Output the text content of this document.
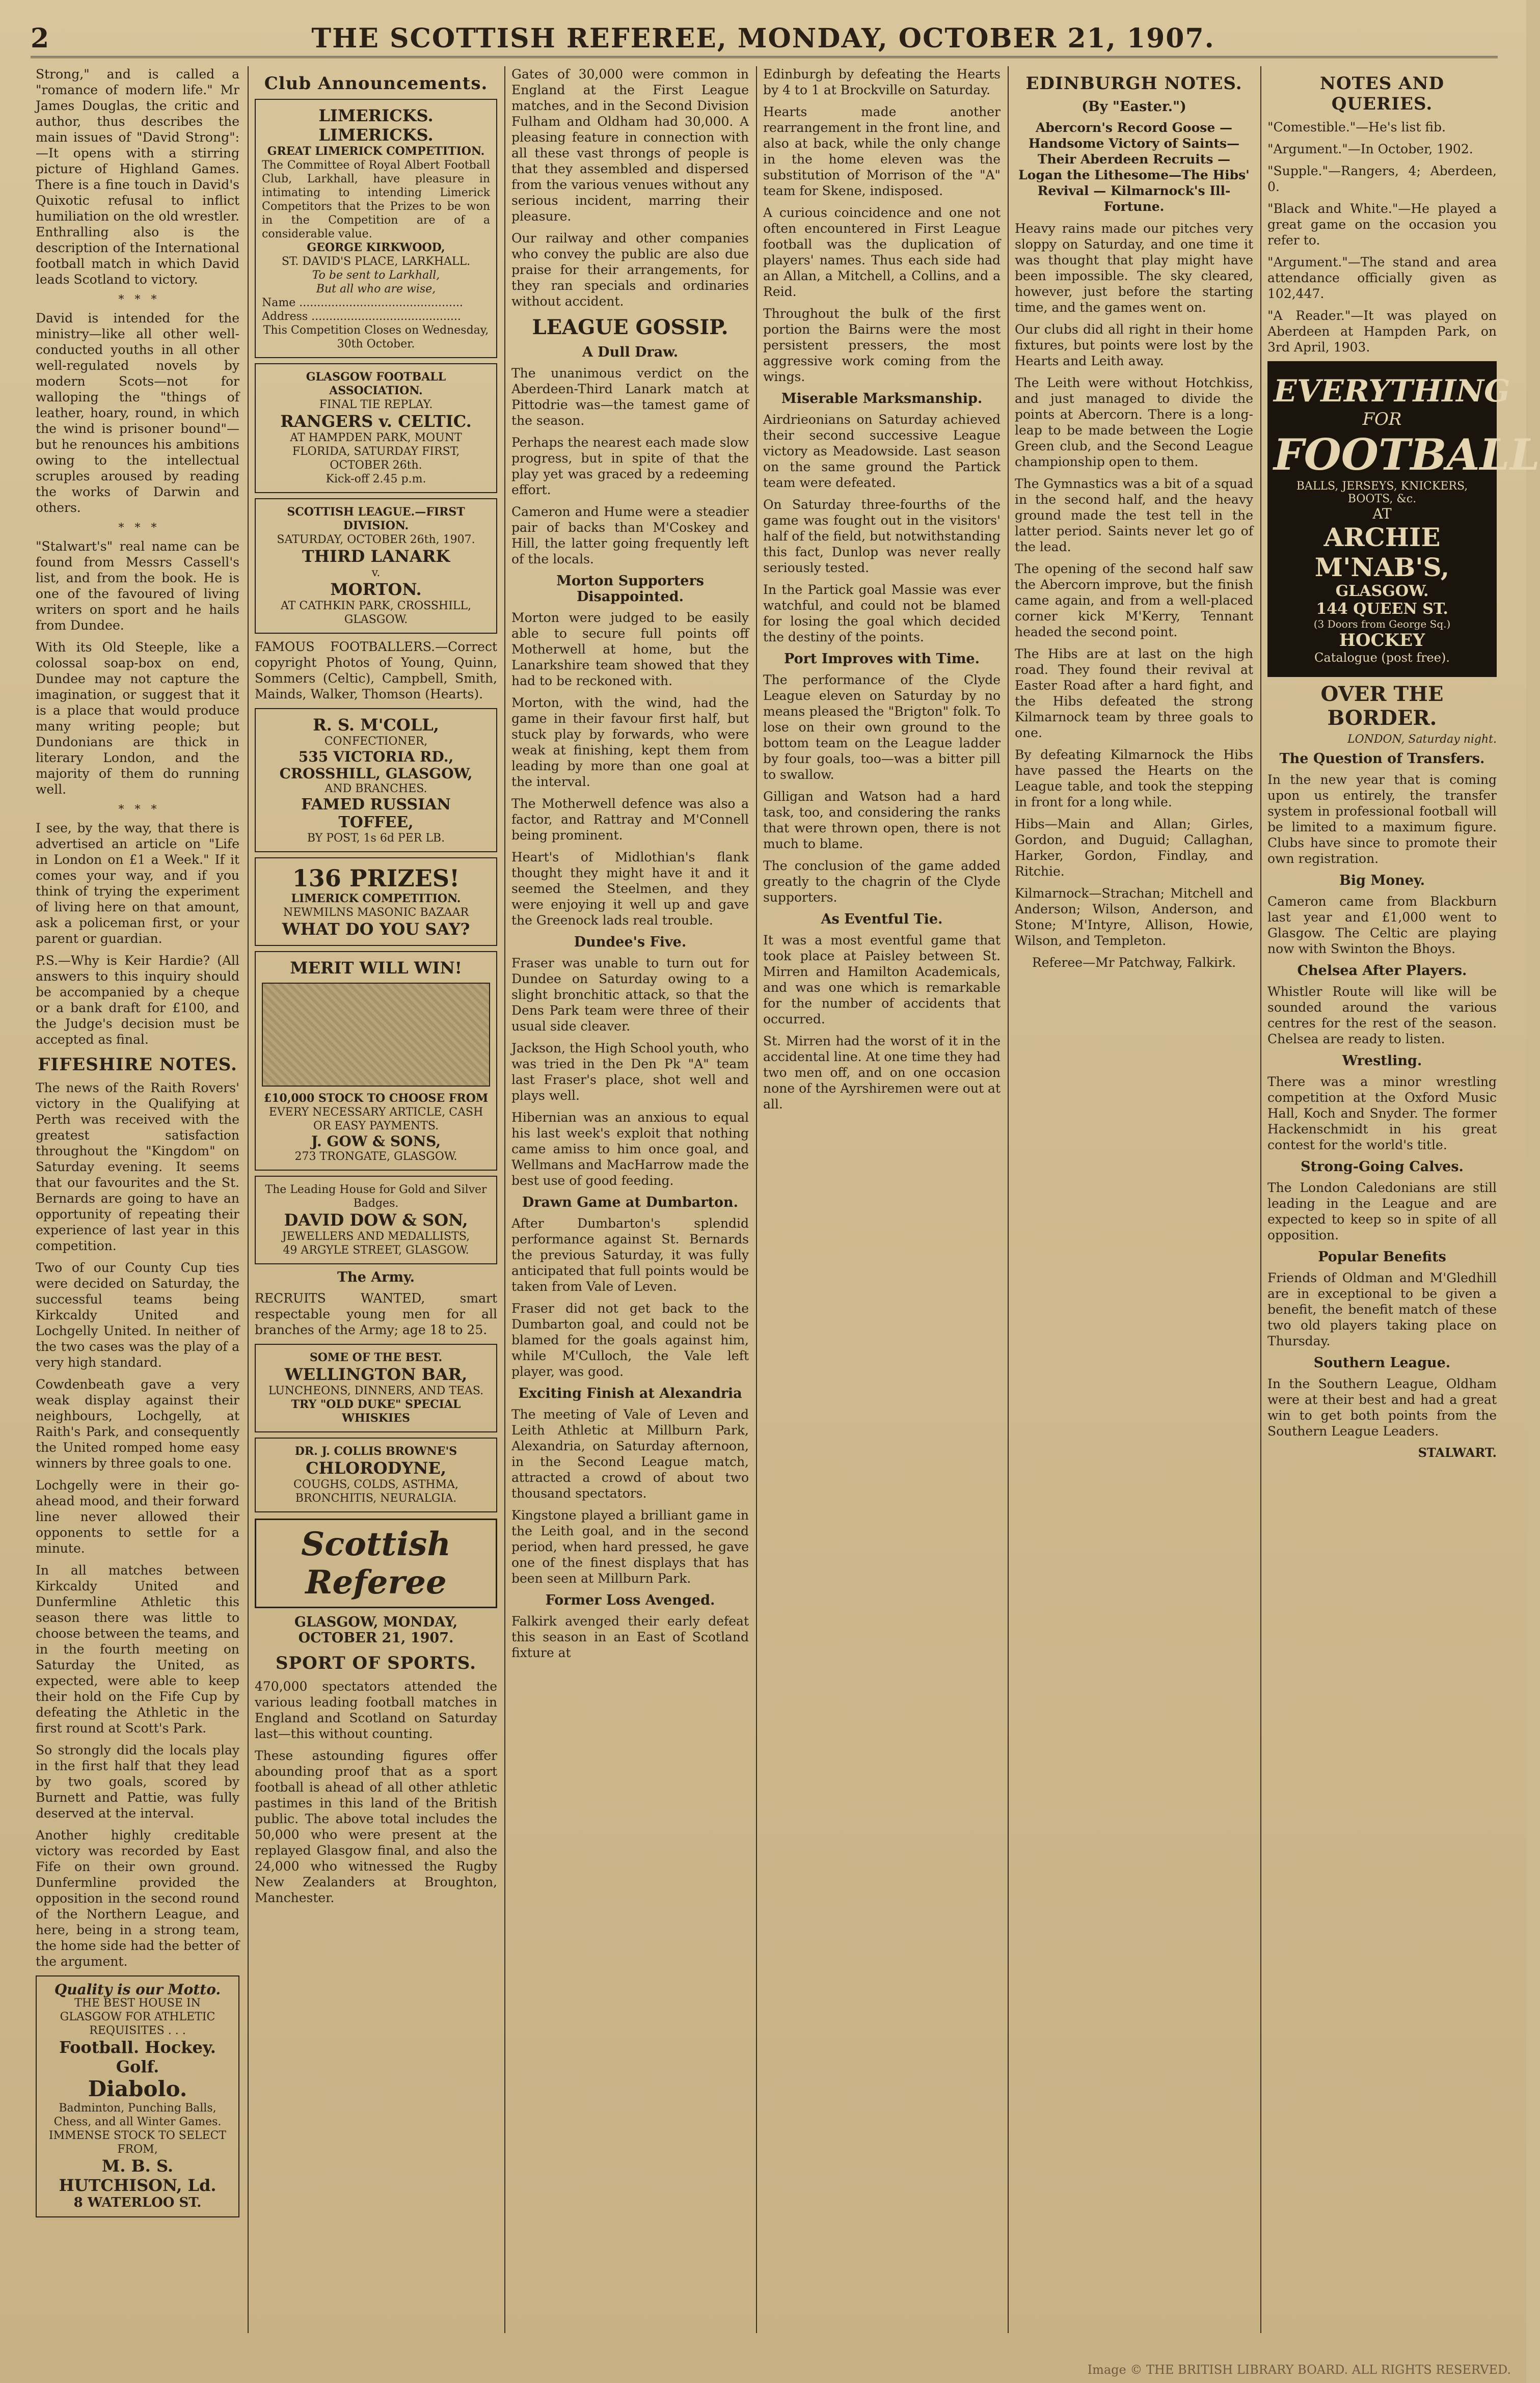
2	THE SCOTTISH REFEREE, MONDAY, OCTOBER 21, 1907.

Strong," and is called a "romance of modern life." Mr James Douglas, the critic and author, thus describes the main issues of "David Strong":—It opens with a stirring picture of Highland Games. There is a fine touch in David's Quixotic refusal to inflict humiliation on the old wrestler. Enthralling also is the description of the International football match in which David leads Scotland to victory.

*   *   *

David is intended for the ministry—like all other well-conducted youths in all other well-regulated novels by modern Scots—not for walloping the "things of leather, hoary, round, in which the wind is prisoner bound"—but he renounces his ambitions owing to the intellectual scruples aroused by reading the works of Darwin and others.

*   *   *

"Stalwart's" real name can be found from Messrs Cassell's list, and from the book. He is one of the favoured of living writers on sport and he hails from Dundee.

With its Old Steeple, like a colossal soap-box on end, Dundee may not capture the imagination, or suggest that it is a place that would produce many writing people; but Dundonians are thick in literary London, and the majority of them do running well.

*   *   *

I see, by the way, that there is advertised an article on "Life in London on £1 a Week." If it comes your way, and if you think of trying the experiment of living here on that amount, ask a policeman first, or your parent or guardian.

P.S.—Why is Keir Hardie? (All answers to this inquiry should be accompanied by a cheque or a bank draft for £100, and the Judge's decision must be accepted as final.

FIFESHIRE NOTES.

The news of the Raith Rovers' victory in the Qualifying at Perth was received with the greatest satisfaction throughout the "Kingdom" on Saturday evening. It seems that our favourites and the St. Bernards are going to have an opportunity of repeating their experience of last year in this competition.

Two of our County Cup ties were decided on Saturday, the successful teams being Kirkcaldy United and Lochgelly United. In neither of the two cases was the play of a very high standard.

Cowdenbeath gave a very weak display against their neighbours, Lochgelly, at Raith's Park, and consequently the United romped home easy winners by three goals to one.

Lochgelly were in their go-ahead mood, and their forward line never allowed their opponents to settle for a minute.

In all matches between Kirkcaldy United and Dunfermline Athletic this season there was little to choose between the teams, and in the fourth meeting on Saturday the United, as expected, were able to keep their hold on the Fife Cup by defeating the Athletic in the first round at Scott's Park.

So strongly did the locals play in the first half that they lead by two goals, scored by Burnett and Pattie, was fully deserved at the interval.

Another highly creditable victory was recorded by East Fife on their own ground. Dunfermline provided the opposition in the second round of the Northern League, and here, being in a strong team, the home side had the better of the argument.

Quality is our Motto.
THE BEST HOUSE IN GLASGOW FOR ATHLETIC REQUISITES . . .
Football. Hockey. Golf.
Diabolo.
Badminton, Punching Balls, Chess, and all Winter Games.
IMMENSE STOCK TO SELECT FROM,
M. B. S. HUTCHISON, Ld.
8 WATERLOO ST.
Club Announcements.
LIMERICKS. LIMERICKS.
GREAT LIMERICK COMPETITION.
The Committee of Royal Albert Football Club, Larkhall, have pleasure in intimating to intending Limerick Competitors that the Prizes to be won in the Competition are of a considerable value.
GEORGE KIRKWOOD,
ST. DAVID'S PLACE, LARKHALL.
To be sent to Larkhall,
But all who are wise,
Name ..............................................
Address ..........................................
This Competition Closes on Wednesday, 30th October.
GLASGOW FOOTBALL ASSOCIATION.
FINAL TIE REPLAY.
RANGERS v. CELTIC.
AT HAMPDEN PARK, MOUNT FLORIDA, SATURDAY FIRST, OCTOBER 26th.
Kick-off 2.45 p.m.
SCOTTISH LEAGUE.—FIRST DIVISION.
SATURDAY, OCTOBER 26th, 1907.
THIRD LANARK
v.
MORTON.
AT CATHKIN PARK, CROSSHILL, GLASGOW.

FAMOUS FOOTBALLERS.—Correct copyright Photos of Young, Quinn, Sommers (Celtic), Campbell, Smith, Mainds, Walker, Thomson (Hearts).

R. S. M'COLL,
CONFECTIONER,
535 VICTORIA RD., CROSSHILL, GLASGOW,
AND BRANCHES.
FAMED RUSSIAN TOFFEE,
BY POST, 1s 6d PER LB.
136 PRIZES!
LIMERICK COMPETITION.
NEWMILNS MASONIC BAZAAR
WHAT DO YOU SAY?
MERIT WILL WIN!
£10,000 STOCK TO CHOOSE FROM
EVERY NECESSARY ARTICLE, CASH OR EASY PAYMENTS.
J. GOW & SONS,
273 TRONGATE, GLASGOW.
The Leading House for Gold and Silver Badges.
DAVID DOW & SON,
JEWELLERS AND MEDALLISTS,
49 ARGYLE STREET, GLASGOW.
The Army.

RECRUITS WANTED, smart respectable young men for all branches of the Army; age 18 to 25.

SOME OF THE BEST.
WELLINGTON BAR,
LUNCHEONS, DINNERS, AND TEAS.
TRY "OLD DUKE" SPECIAL WHISKIES
DR. J. COLLIS BROWNE'S
CHLORODYNE,
COUGHS, COLDS, ASTHMA, BRONCHITIS, NEURALGIA.
Scottish Referee
GLASGOW, MONDAY, OCTOBER 21, 1907.
SPORT OF SPORTS.

470,000 spectators attended the various leading football matches in England and Scotland on Saturday last—this without counting.

These astounding figures offer abounding proof that as a sport football is ahead of all other athletic pastimes in this land of the British public. The above total includes the 50,000 who were present at the replayed Glasgow final, and also the 24,000 who witnessed the Rugby New Zealanders at Broughton, Manchester.

Gates of 30,000 were common in England at the First League matches, and in the Second Division Fulham and Oldham had 30,000. A pleasing feature in connection with all these vast throngs of people is that they assembled and dispersed from the various venues without any serious incident, marring their pleasure.

Our railway and other companies who convey the public are also due praise for their arrangements, for they ran specials and ordinaries without accident.

LEAGUE GOSSIP.
A Dull Draw.

The unanimous verdict on the Aberdeen-Third Lanark match at Pittodrie was—the tamest game of the season.

Perhaps the nearest each made slow progress, but in spite of that the play yet was graced by a redeeming effort.

Cameron and Hume were a steadier pair of backs than M'Coskey and Hill, the latter going frequently left of the locals.

Morton Supporters Disappointed.

Morton were judged to be easily able to secure full points off Motherwell at home, but the Lanarkshire team showed that they had to be reckoned with.

Morton, with the wind, had the game in their favour first half, but stuck play by forwards, who were weak at finishing, kept them from leading by more than one goal at the interval.

The Motherwell defence was also a factor, and Rattray and M'Connell being prominent.

Heart's of Midlothian's flank thought they might have it and it seemed the Steelmen, and they were enjoying it well up and gave the Greenock lads real trouble.

Dundee's Five.

Fraser was unable to turn out for Dundee on Saturday owing to a slight bronchitic attack, so that the Dens Park team were three of their usual side cleaver.

Jackson, the High School youth, who was tried in the Den Pk "A" team last Fraser's place, shot well and plays well.

Hibernian was an anxious to equal his last week's exploit that nothing came amiss to him once goal, and Wellmans and MacHarrow made the best use of good feeding.

Drawn Game at Dumbarton.

After Dumbarton's splendid performance against St. Bernards the previous Saturday, it was fully anticipated that full points would be taken from Vale of Leven.

Fraser did not get back to the Dumbarton goal, and could not be blamed for the goals against him, while M'Culloch, the Vale left player, was good.

Exciting Finish at Alexandria

The meeting of Vale of Leven and Leith Athletic at Millburn Park, Alexandria, on Saturday afternoon, in the Second League match, attracted a crowd of about two thousand spectators.

Kingstone played a brilliant game in the Leith goal, and in the second period, when hard pressed, he gave one of the finest displays that has been seen at Millburn Park.

Former Loss Avenged.

Falkirk avenged their early defeat this season in an East of Scotland fixture at

Edinburgh by defeating the Hearts by 4 to 1 at Brockville on Saturday.

Hearts made another rearrangement in the front line, and also at back, while the only change in the home eleven was the substitution of Morrison of the "A" team for Skene, indisposed.

A curious coincidence and one not often encountered in First League football was the duplication of players' names. Thus each side had an Allan, a Mitchell, a Collins, and a Reid.

Throughout the bulk of the first portion the Bairns were the most persistent pressers, the most aggressive work coming from the wings.

Miserable Marksmanship.

Airdrieonians on Saturday achieved their second successive League victory as Meadowside. Last season on the same ground the Partick team were defeated.

On Saturday three-fourths of the game was fought out in the visitors' half of the field, but notwithstanding this fact, Dunlop was never really seriously tested.

In the Partick goal Massie was ever watchful, and could not be blamed for losing the goal which decided the destiny of the points.

Port Improves with Time.

The performance of the Clyde League eleven on Saturday by no means pleased the "Brigton" folk. To lose on their own ground to the bottom team on the League ladder by four goals, too—was a bitter pill to swallow.

Gilligan and Watson had a hard task, too, and considering the ranks that were thrown open, there is not much to blame.

The conclusion of the game added greatly to the chagrin of the Clyde supporters.

As Eventful Tie.

It was a most eventful game that took place at Paisley between St. Mirren and Hamilton Academicals, and was one which is remarkable for the number of accidents that occurred.

St. Mirren had the worst of it in the accidental line. At one time they had two men off, and on one occasion none of the Ayrshiremen were out at all.

EDINBURGH NOTES.
(By "Easter.")

Abercorn's Record Goose — Handsome Victory of Saints—Their Aberdeen Recruits — Logan the Lithesome—The Hibs' Revival — Kilmarnock's Ill-Fortune.

Heavy rains made our pitches very sloppy on Saturday, and one time it was thought that play might have been impossible. The sky cleared, however, just before the starting time, and the games went on.

Our clubs did all right in their home fixtures, but points were lost by the Hearts and Leith away.

The Leith were without Hotchkiss, and just managed to divide the points at Abercorn. There is a long-leap to be made between the Logie Green club, and the Second League championship open to them.

The Gymnastics was a bit of a squad in the second half, and the heavy ground made the test tell in the latter period. Saints never let go of the lead.

The opening of the second half saw the Abercorn improve, but the finish came again, and from a well-placed corner kick M'Kerry, Tennant headed the second point.

The Hibs are at last on the high road. They found their revival at Easter Road after a hard fight, and the Hibs defeated the strong Kilmarnock team by three goals to one.

By defeating Kilmarnock the Hibs have passed the Hearts on the League table, and took the stepping in front for a long while.

Hibs—Main and Allan; Girles, Gordon, and Duguid; Callaghan, Harker, Gordon, Findlay, and Ritchie.

Kilmarnock—Strachan; Mitchell and Anderson; Wilson, Anderson, and Stone; M'Intyre, Allison, Howie, Wilson, and Templeton.

Referee—Mr Patchway, Falkirk.

NOTES AND QUERIES.

"Comestible."—He's list fib.

"Argument."—In October, 1902.

"Supple."—Rangers, 4; Aberdeen, 0.

"Black and White."—He played a great game on the occasion you refer to.

"Argument."—The stand and area attendance officially given as 102,447.

"A Reader."—It was played on Aberdeen at Hampden Park, on 3rd April, 1903.

EVERYTHING
FOR
FOOTBALL
BALLS, JERSEYS, KNICKERS, BOOTS, &c.
AT
ARCHIE M'NAB'S,
GLASGOW.
144 QUEEN ST.
(3 Doors from George Sq.)
HOCKEY
Catalogue (post free).
OVER THE BORDER.
LONDON, Saturday night.
The Question of Transfers.

In the new year that is coming upon us entirely, the transfer system in professional football will be limited to a maximum figure. Clubs have since to promote their own registration.

Big Money.

Cameron came from Blackburn last year and £1,000 went to Glasgow. The Celtic are playing now with Swinton the Bhoys.

Chelsea After Players.

Whistler Route will like will be sounded around the various centres for the rest of the season. Chelsea are ready to listen.

Wrestling.

There was a minor wrestling competition at the Oxford Music Hall, Koch and Snyder. The former Hackenschmidt in his great contest for the world's title.

Strong-Going Calves.

The London Caledonians are still leading in the League and are expected to keep so in spite of all opposition.

Popular Benefits

Friends of Oldman and M'Gledhill are in exceptional to be given a benefit, the benefit match of these two old players taking place on Thursday.

Southern League.

In the Southern League, Oldham were at their best and had a great win to get both points from the Southern League Leaders.

STALWART.
Image © THE BRITISH LIBRARY BOARD. ALL RIGHTS RESERVED.
